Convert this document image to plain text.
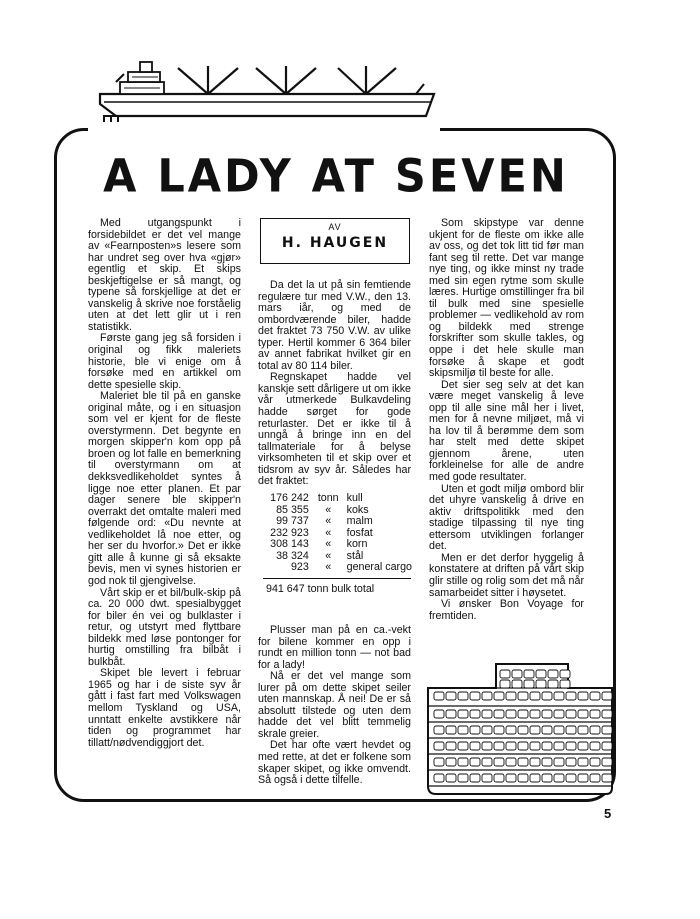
A LADY AT SEVEN

Med utgangspunkt i forsidebildet er det vel mange av «Fearnposten»s lesere som har undret seg over hva «gjør» egentlig et skip. Et skips beskjeftigelse er så mangt, og typene så forskjellige at det er vanskelig å skrive noe forståelig uten at det lett glir ut i ren statistikk.

Første gang jeg så forsiden i original og fikk maleriets historie, ble vi enige om å forsøke med en artikkel om dette spesielle skip.

Maleriet ble til på en ganske original måte, og i en situasjon som vel er kjent for de fleste overstyrmenn. Det begynte en morgen skipper'n kom opp på broen og lot falle en bemerkning til overstyrmann om at dekksvedlikeholdet syntes å ligge noe etter planen. Et par dager senere ble skipper'n overrakt det omtalte maleri med følgende ord: «Du nevnte at vedlikeholdet lå noe etter, og her ser du hvorfor.» Det er ikke gitt alle å kunne gi så eksakte bevis, men vi synes historien er god nok til gjengivelse.

Vårt skip er et bil/bulk-skip på ca. 20 000 dwt. spesialbygget for biler én vei og bulklaster i retur, og utstyrt med flyttbare bildekk med løse pontonger for hurtig omstilling fra bilbåt i bulkbåt.

Skipet ble levert i februar 1965 og har i de siste syv år gått i fast fart med Volkswagen mellom Tyskland og USA, unntatt enkelte avstikkere når tiden og programmet har tillatt/nødvendiggjort det.

AV
H. HAUGEN

Da det la ut på sin femtiende regulære tur med V.W., den 13. mars iår, og med de ombordværende biler, hadde det fraktet 73 750 V.W. av ulike typer. Hertil kommer 6 364 biler av annet fabrikat hvilket gir en total av 80 114 biler.

Regnskapet hadde vel kanskje sett dårligere ut om ikke vår utmerkede Bulkavdeling hadde sørget for gode returlaster. Det er ikke til å unngå å bringe inn en del tallmateriale for å belyse virksomheten til et skip over et tidsrom av syv år. Således har det fraktet:

176 242	tonn	kull
85 355	«	koks
99 737	«	malm
232 923	«	fosfat
308 143	«	korn
38 324	«	stål
923	«	general cargo
941 647 tonn bulk total

Plusser man på en ca.-vekt for bilene kommer en opp i rundt en million tonn — not bad for a lady!

Nå er det vel mange som lurer på om dette skipet seiler uten mannskap. Å nei! De er så absolutt tilstede og uten dem hadde det vel blitt temmelig skrale greier.

Det har ofte vært hevdet og med rette, at det er folkene som skaper skipet, og ikke omvendt. Så også i dette tilfelle.

Som skipstype var denne ukjent for de fleste om ikke alle av oss, og det tok litt tid før man fant seg til rette. Det var mange nye ting, og ikke minst ny trade med sin egen rytme som skulle læres. Hurtige omstillinger fra bil til bulk med sine spesielle problemer — vedlikehold av rom og bildekk med strenge forskrifter som skulle takles, og oppe i det hele skulle man forsøke å skape et godt skipsmiljø til beste for alle.

Det sier seg selv at det kan være meget vanskelig å leve opp til alle sine mål her i livet, men for å nevne miljøet, må vi ha lov til å berømme dem som har stelt med dette skipet gjennom årene, uten forkleinelse for alle de andre med gode resultater.

Uten et godt miljø ombord blir det uhyre vanskelig å drive en aktiv driftspolitikk med den stadige tilpassing til nye ting ettersom utviklingen forlanger det.

Men er det derfor hyggelig å konstatere at driften på vårt skip glir stille og rolig som det må når samarbeidet sitter i høysetet.

Vi ønsker Bon Voyage for fremtiden.

5
